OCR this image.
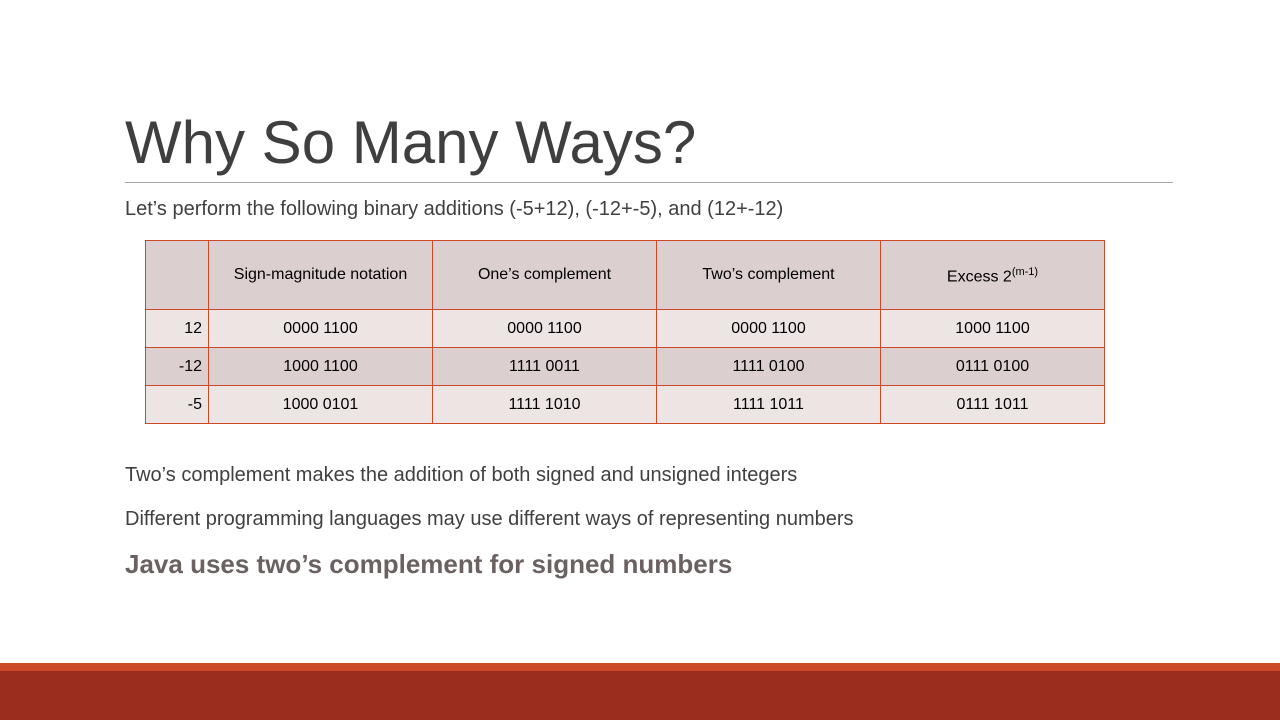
Why So Many Ways?
Let’s perform the following binary additions (-5+12), (-12+-5), and (12+-12)
	Sign-magnitude notation	One’s complement	Two’s complement	Excess 2$^{(m-1)}$
12	0000 1100	0000 1100	0000 1100	1000 1100
-12	1000 1100	1111 0011	1111 0100	0111 0100
-5	1000 0101	1111 1010	1111 1011	0111 1011
Two’s complement makes the addition of both signed and unsigned integers
Different programming languages may use different ways of representing numbers
Java uses two’s complement for signed numbers
